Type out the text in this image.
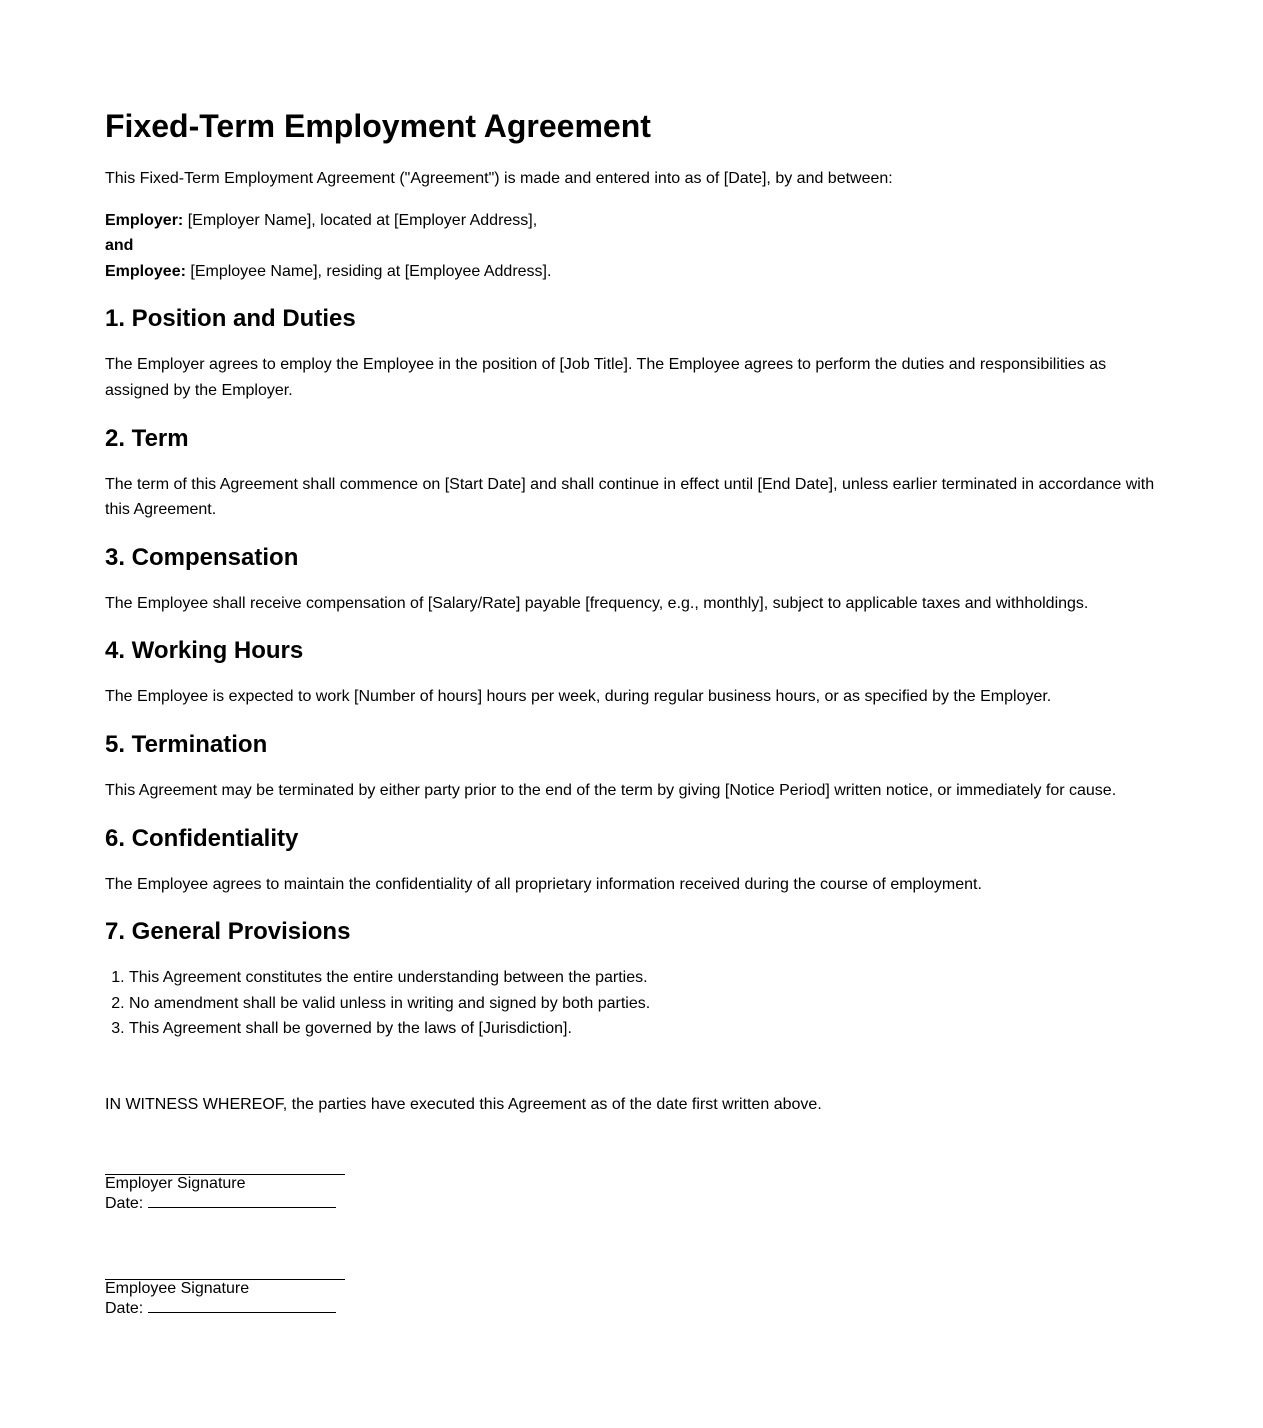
Fixed-Term Employment Agreement

This Fixed-Term Employment Agreement ("Agreement") is made and entered into as of [Date], by and between:

Employer: [Employer Name], located at [Employer Address],
and
Employee: [Employee Name], residing at [Employee Address].
1. Position and Duties

The Employer agrees to employ the Employee in the position of [Job Title]. The Employee agrees to perform the duties and responsibilities as assigned by the Employer.

2. Term

The term of this Agreement shall commence on [Start Date] and shall continue in effect until [End Date], unless earlier terminated in accordance with this Agreement.

3. Compensation

The Employee shall receive compensation of [Salary/Rate] payable [frequency, e.g., monthly], subject to applicable taxes and withholdings.

4. Working Hours

The Employee is expected to work [Number of hours] hours per week, during regular business hours, or as specified by the Employer.

5. Termination

This Agreement may be terminated by either party prior to the end of the term by giving [Notice Period] written notice, or immediately for cause.

6. Confidentiality

The Employee agrees to maintain the confidentiality of all proprietary information received during the course of employment.

7. General Provisions
1. This Agreement constitutes the entire understanding between the parties.
2. No amendment shall be valid unless in writing and signed by both parties.
3. This Agreement shall be governed by the laws of [Jurisdiction].

IN WITNESS WHEREOF, the parties have executed this Agreement as of the date first written above.

Employer Signature
Date:
Employee Signature
Date:
